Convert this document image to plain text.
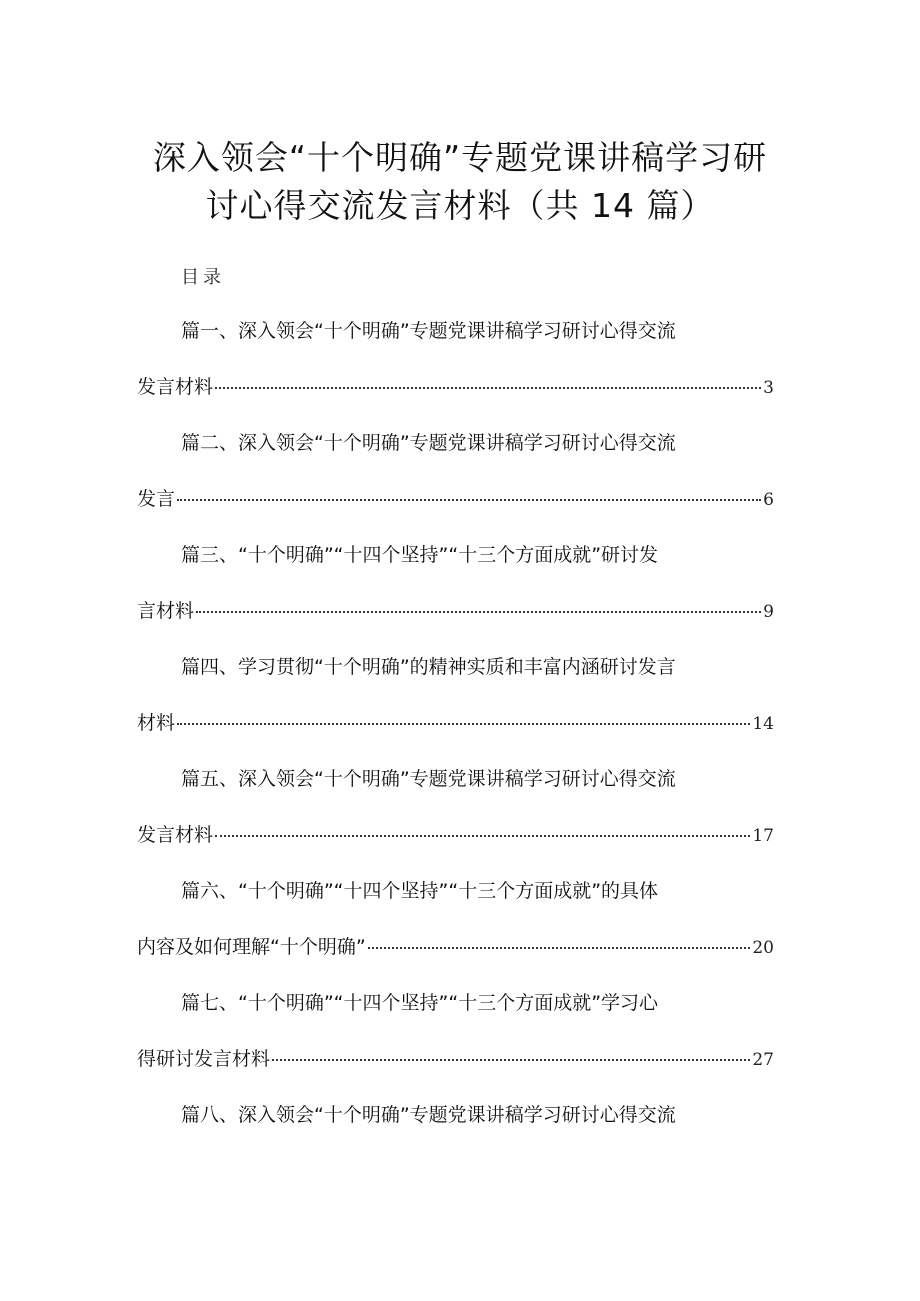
深入领会“十个明确”专题党课讲稿学习研
讨心得交流发言材料（共 14 篇）
目录
篇一、深入领会“十个明确”专题党课讲稿学习研讨心得交流
发言材料	3
篇二、深入领会“十个明确”专题党课讲稿学习研讨心得交流
发言	6
篇三、“十个明确”“十四个坚持”“十三个方面成就”研讨发
言材料	9
篇四、学习贯彻“十个明确”的精神实质和丰富内涵研讨发言
材料	14
篇五、深入领会“十个明确”专题党课讲稿学习研讨心得交流
发言材料	17
篇六、“十个明确”“十四个坚持”“十三个方面成就”的具体
内容及如何理解“十个明确”	20
篇七、“十个明确”“十四个坚持”“十三个方面成就”学习心
得研讨发言材料	27
篇八、深入领会“十个明确”专题党课讲稿学习研讨心得交流
